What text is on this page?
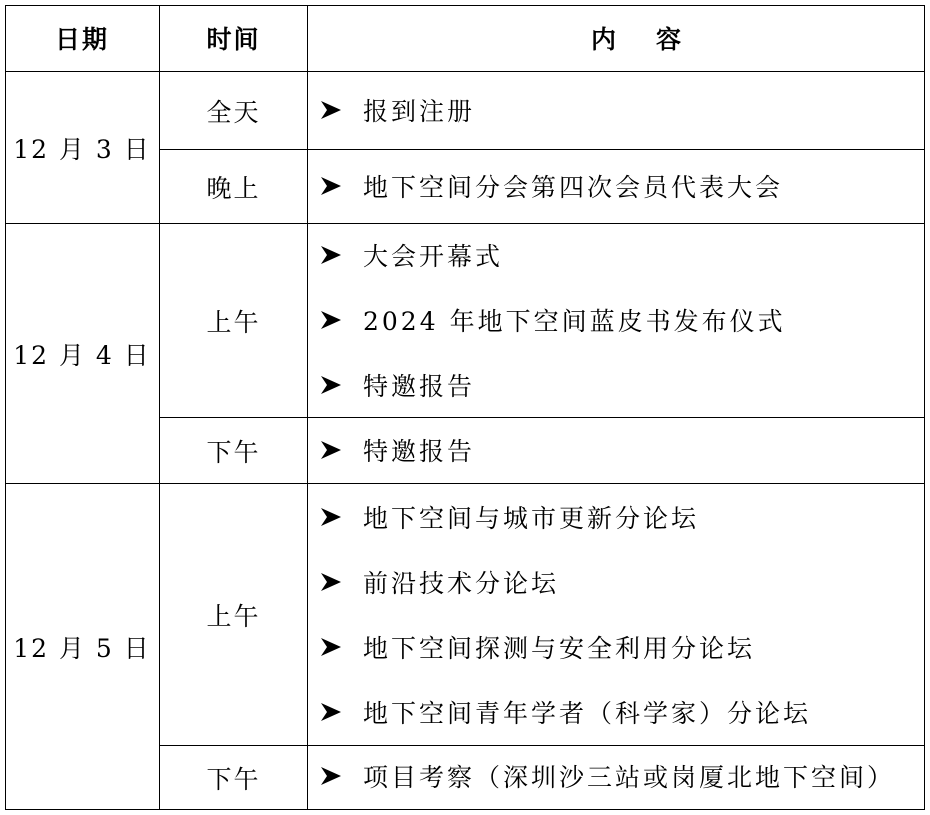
日期	时间	内容
12 月 3 日
12 月 4 日
12 月 5 日
全天
晚上
上午
下午
上午
下午
报到注册
地下空间分会第四次会员代表大会
大会开幕式
2024 年地下空间蓝皮书发布仪式
特邀报告
特邀报告
地下空间与城市更新分论坛
前沿技术分论坛
地下空间探测与安全利用分论坛
地下空间青年学者（科学家）分论坛
项目考察（深圳沙三站或岗厦北地下空间）
